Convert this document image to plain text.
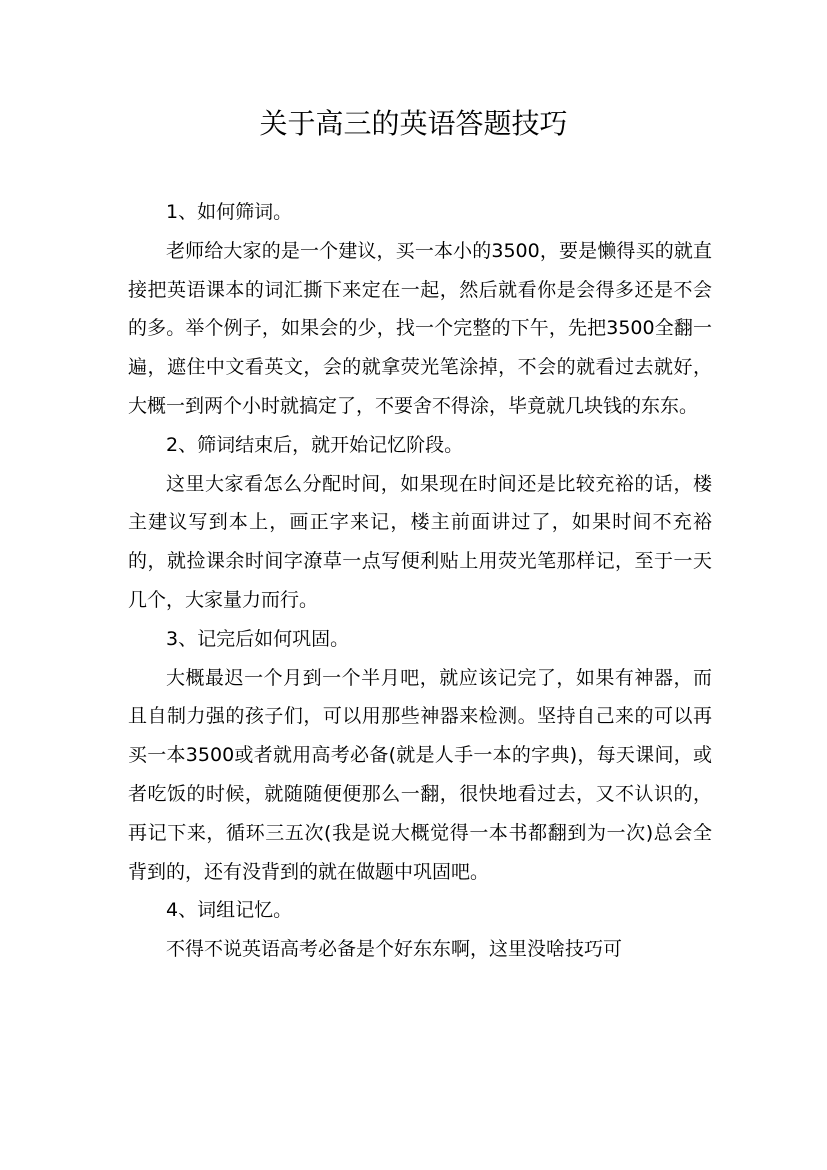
关于高三的英语答题技巧

1、如何筛词。

老师给大家的是一个建议，买一本小的3500，要是懒得买的就直接把英语课本的词汇撕下来定在一起，然后就看你是会得多还是不会的多。举个例子，如果会的少，找一个完整的下午，先把3500全翻一遍，遮住中文看英文，会的就拿荧光笔涂掉，不会的就看过去就好，大概一到两个小时就搞定了，不要舍不得涂，毕竟就几块钱的东东。

2、筛词结束后，就开始记忆阶段。

这里大家看怎么分配时间，如果现在时间还是比较充裕的话，楼主建议写到本上，画正字来记，楼主前面讲过了，如果时间不充裕的，就捡课余时间字潦草一点写便利贴上用荧光笔那样记，至于一天几个，大家量力而行。

3、记完后如何巩固。

大概最迟一个月到一个半月吧，就应该记完了，如果有神器，而且自制力强的孩子们，可以用那些神器来检测。坚持自己来的可以再买一本3500或者就用高考必备(就是人手一本的字典)，每天课间，或者吃饭的时候，就随随便便那么一翻，很快地看过去，又不认识的，再记下来，循环三五次(我是说大概觉得一本书都翻到为一次)总会全背到的，还有没背到的就在做题中巩固吧。

4、词组记忆。

不得不说英语高考必备是个好东东啊，这里没啥技巧可
